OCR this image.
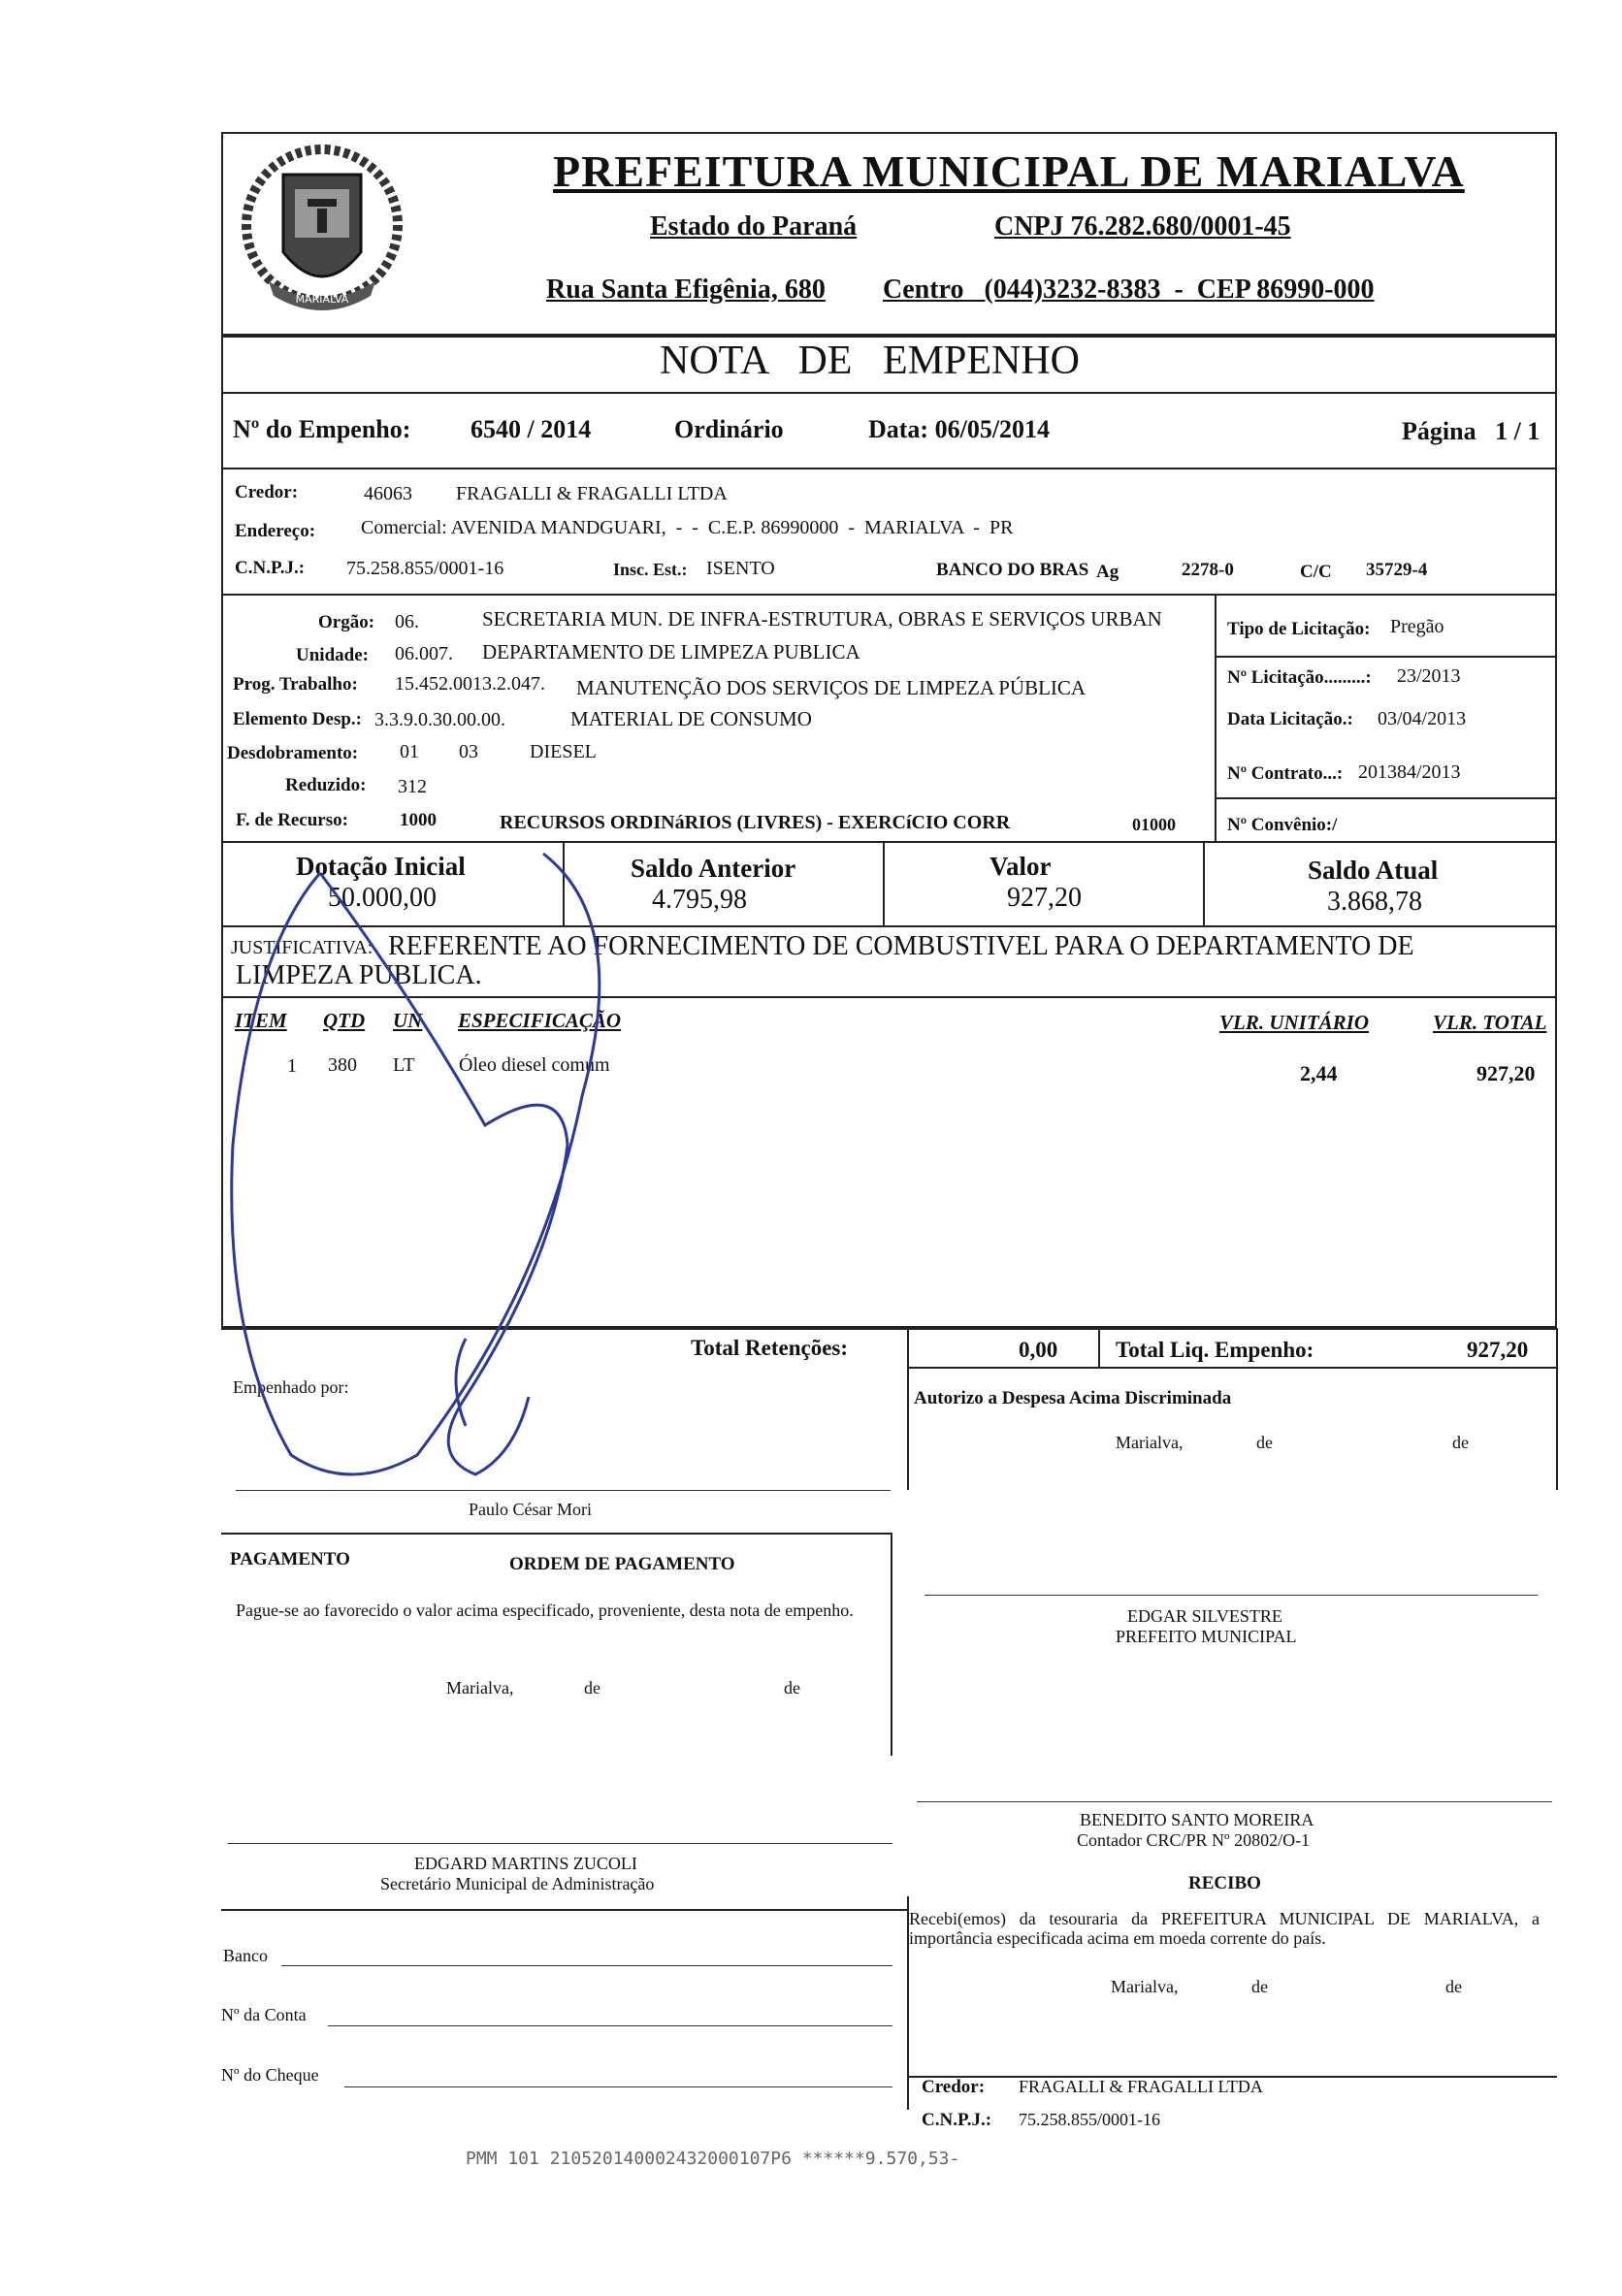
MARIALVA
PREFEITURA MUNICIPAL DE MARIALVA
Estado do Paraná	CNPJ 76.282.680/0001-45
Rua Santa Efigênia, 680 Centro   (044)3232-8383  -  CEP 86990-000
NOTA   DE   EMPENHO
Nº do Empenho: 6540 / 2014	Ordinário	Data: 06/05/2014	Página   1 / 1
Credor:	46063 FRAGALLI & FRAGALLI LTDA
Endereço: Comercial: AVENIDA MANDGUARI,  -  -  C.E.P. 86990000  -  MARIALVA  -  PR
C.N.P.J.: 75.258.855/0001-16	Insc. Est.: ISENTO	BANCO DO BRAS Ag	2278-0	C/C 35729-4
Orgão: 06.	SECRETARIA MUN. DE INFRA-ESTRUTURA, OBRAS E SERVIÇOS URBAN
Unidade: 06.007. DEPARTAMENTO DE LIMPEZA PUBLICA
Prog. Trabalho: 15.452.0013.2.047. MANUTENÇÃO DOS SERVIÇOS DE LIMPEZA PÚBLICA
Elemento Desp.: 3.3.9.0.30.00.00.	MATERIAL DE CONSUMO
Desdobramento: 01 03	DIESEL
Reduzido: 312
F. de Recurso:	1000	RECURSOS ORDINáRIOS (LIVRES) - EXERCíCIO CORR	01000
Tipo de Licitação: Pregão
Nº Licitação.........: 23/2013
Data Licitação.: 03/04/2013
Nº Contrato...: 201384/2013
Nº Convênio:/
Dotação Inicial
50.000,00
Saldo Anterior
4.795,98
Valor
927,20
Saldo Atual
3.868,78
JUSTIFICATIVA: REFERENTE AO FORNECIMENTO DE COMBUSTIVEL PARA O DEPARTAMENTO DE
LIMPEZA PUBLICA.
ITEM QTD UN ESPECIFICAÇÃO	VLR. UNITÁRIO	VLR. TOTAL
1 380 LT Óleo diesel comum	2,44	927,20
Total Retenções:	0,00	Total Liq. Empenho:	927,20
Empenhado por:
Autorizo a Despesa Acima Discriminada
Marialva,	de	de
Paulo César Mori
PAGAMENTO	ORDEM DE PAGAMENTO
Pague-se ao favorecido o valor acima especificado, proveniente, desta nota de empenho.
Marialva,	de	de
EDGAR SILVESTRE
PREFEITO MUNICIPAL
BENEDITO SANTO MOREIRA
Contador CRC/PR Nº 20802/O-1
RECIBO
Recebi(emos) da tesouraria da PREFEITURA MUNICIPAL DE MARIALVA, a importância especificada acima em moeda corrente do país.
Marialva,	de	de
EDGARD MARTINS ZUCOLI
Secretário Municipal de Administração
Banco
Nº da Conta
Nº do Cheque
Credor: FRAGALLI & FRAGALLI LTDA
C.N.P.J.: 75.258.855/0001-16
PMM 101 210520140002432000107P6 ******9.570,53-
